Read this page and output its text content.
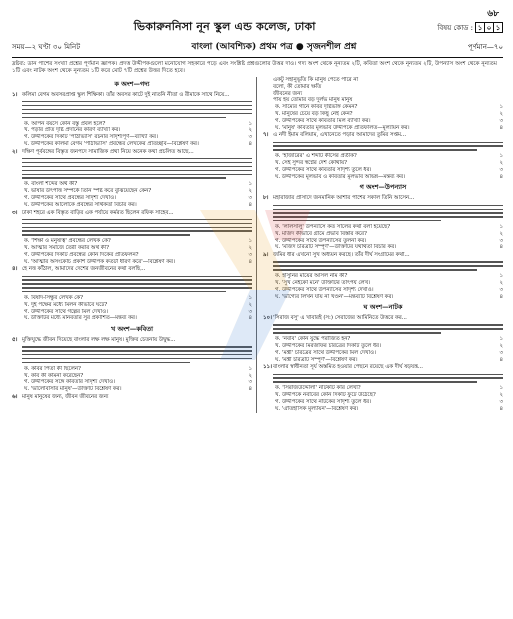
৬৮
ভিকারুননিসা নূন স্কুল এন্ড কলেজ, ঢাকা	বিষয় কোড : ১ ০ ১
সময়—২ ঘণ্টা ৩০ মিনিট	বাংলা (আবশ্যিক) প্রথম পত্র ● সৃজনশীল প্রশ্ন	পূর্ণমান—৭০

দ্রষ্টব্য: ডান পাশের সংখ্যা প্রশ্নের পূর্ণমান জ্ঞাপক। প্রদত্ত উদ্দীপকগুলো মনোযোগ সহকারে পড়ে এবং সংশ্লিষ্ট প্রশ্নগুলোর উত্তর দাও। গদ্য অংশ থেকে নূন্যতম ২টি, কবিতা অংশ থেকে নূন্যতম ২টি, উপন্যাস অংশ থেকে নূন্যতম ১টি এবং নাটক অংশ থেকে নূন্যতম ১টি করে মোট ৭টি প্রশ্নের উত্তর দিতে হবে।

ক অংশ—গদ্য
১। কলিমা বেগম অবসরপ্রাপ্ত স্কুল শিক্ষিকা। তাঁর অবসর কাটে দুই নাতনি নীতা ও রীমাকে সাথে নিয়ে...
ক. আপন বয়সে কোন বস্তু প্রবল হলে?	১
খ. পড়ার প্রতি দৃষ্টি প্রদানের কারণ ব্যাখ্যা কর।	২
গ. উদ্দীপকের দিকটি 'পাঠাভ্যাস' রচনার সাদৃশ্যপূর্ণ—ব্যাখ্যা কর।	৩
ঘ. উদ্দীপকের কলিমা বেগম 'পাঠাভ্যাস' প্রবন্ধের লেখকের প্রতিচ্ছবি—বিশ্লেষণ কর।	৪
২। দক্ষিণ পূর্ববঙ্গের বিস্তৃত জনপদে সামাজিক প্রথা নিয়ে অনেক কথা প্রচলিত আছে...
ক. বাংলা শব্দের অর্থ কী?	১
খ. ভাষার উৎপত্তি সম্পর্কে তিনি স্পষ্ট করে বুঝিয়েছেন কেন?	২
গ. উদ্দীপকের সাথে প্রবন্ধের সাদৃশ্য দেখাও।	৩
ঘ. উদ্দীপকের আলোকে প্রবন্ধের সার্থকতা বিচার কর।	৪
৩। ঢাকা শহরে এক বিস্তৃত বাড়ির এক পর্যায়ে কর্মরত ছিলেন রফিক সাহেব...
ক. 'শিক্ষা ও মনুষ্যত্ব' প্রবন্ধের লেখক কে?	১
খ. আত্মার সমাজে তৈরী করার অর্থ কী?	২
গ. উদ্দীপকের দিকটি প্রবন্ধের কোন দিকের প্রতিফলন?	৩
ঘ. 'আত্মার অসংকোচ প্রকাশ উদ্দীপক কতটা ধারণ করে'—বিশ্লেষণ কর।	৪
৪। হে নত্ত কাঁঠাল, আমাদের দেশের জনজীবনের কথা বলছি...
ক. বিষাদ-সিন্ধুর লেখক কে?	১
খ. দুই পক্ষের মধ্যে মিলন কীভাবে ঘটে?	২
গ. উদ্দীপকের সাথে গল্পের মিল দেখাও।	৩
ঘ. উক্তিটির মধ্যে মানবতার সুর প্রকাশিত—মন্তব্য কর।	৪
খ অংশ—কবিতা
৫। মুক্তিযুদ্ধে জীবন দিয়েছে বাংলার লক্ষ লক্ষ মানুষ। মুক্তির চেতনায় উদ্বুদ্ধ...
ক. কবির পিতা কী ছিলেন?	১
খ. কবি কী কামনা করেছেন?	২
গ. উদ্দীপকের সঙ্গে কবিতার সাদৃশ্য দেখাও।	৩
ঘ. 'ভালোবাসার মানুষ'—উক্তিটি বিশ্লেষণ কর।	৪
৬। মানুষ মানুষের জন্য, জীবন জীবনের জন্য
একটু সহানুভূতি কি মানুষ পেতে পারে না
বলো, কী তোমার ক্ষতি
জীবনের জন্য
পায় হয় তোমার বড় দুর্লভ মানুষ মানুষ
ক. সাম্যের গানে কবির দৃষ্টিভঙ্গি কেমন?	১
খ. মানুষের চেয়ে বড় কিছু নেই কেন?	২
গ. উদ্দীপকের সাথে কবিতার মিল ব্যাখ্যা কর।	৩
ঘ. 'মানুষ' কবিতার মূলভাব উদ্দীপকে প্রতিফলিত—মূল্যায়ন কর।	৪
৭। এ নদী ইমাম বলিয়াম, এখানেতে পড়ার আমাদের তুমির সপ্তম...
ক. 'হাজারের' এ শব্দটি কীসের প্রতীক?	১
খ. সেই সুন্দর স্বপ্নের দেশ কোথায়?	২
গ. উদ্দীপকের সাথে কবিতার সাদৃশ্য তুলে ধর।	৩
ঘ. উদ্দীপকের মূলভাব ও কবিতার মূলভাব অভিন্ন—মন্তব্য কর।	৪
গ অংশ—উপন্যাস
৮। মহারাজার প্রাসাদে জনমানিক আশার পাশের সকাল তিনি আসেন...
ক. 'লালসালু' উপন্যাসে কত সালের কথা বলা হয়েছে?	১
খ. মজিদ কীভাবে গ্রামে প্রভাব বিস্তার করে?	২
গ. উদ্দীপকের সাথে উপন্যাসের তুলনা কর।	৩
ঘ. 'মজিদ চরিত্রটি সম্পূর্ণ'—উক্তিটির যথার্থতা বিচার কর।	৪
৯। জমির ধার এখনো সুখ অধ্যয়ন করছে। তাঁর দীর্ঘ সংগ্রামের কথা...
ক. হাসুনির মায়ের আসল নাম কী?	১
খ. 'সুখ নেইকো মনে' উক্তিটির তাৎপর্য লেখ।	২
গ. উদ্দীপকের সাথে উপন্যাসের সাদৃশ্য দেখাও।	৩
ঘ. 'ভাগ্যের লিখন যায় না খণ্ডন'—মন্তব্যটি বিশ্লেষণ কর।	৪
ঘ অংশ—নাটক
১০। 'সিরাজ বসু' এ খাবারই (স:) সেরাজের আমিনিতে উত্তরে কর...
ক. 'নবাব' কোন যুদ্ধে পরাজিত হন?	১
খ. উদ্দীপকের মিরজাফর চরিত্রের দিকটি তুলে ধর।	২
গ. 'মন্ত্রী' চরিত্রের সাথে উদ্দীপকের মিল দেখাও।	৩
ঘ. 'মন্ত্রী চরিত্রটি সম্পূর্ণ'—বিশ্লেষণ কর।	৪
১১। বাংলার স্বাধীনতা সূর্য অস্তমিত হওয়ার পেছনে রয়েছে এক দীর্ঘ ষড়যন্ত্র...
ক. 'সিরাজউদ্দৌলা' নাটকটি কার লেখা?	১
খ. উদ্দীপকে নবাবের কোন দিকটি ফুটে উঠেছে?	২
গ. উদ্দীপকের সাথে নাটকের সাদৃশ্য তুলে ধর।	৩
ঘ. 'ঐতিহাসিক মূল্যায়ন'—বিশ্লেষণ কর।	৪
